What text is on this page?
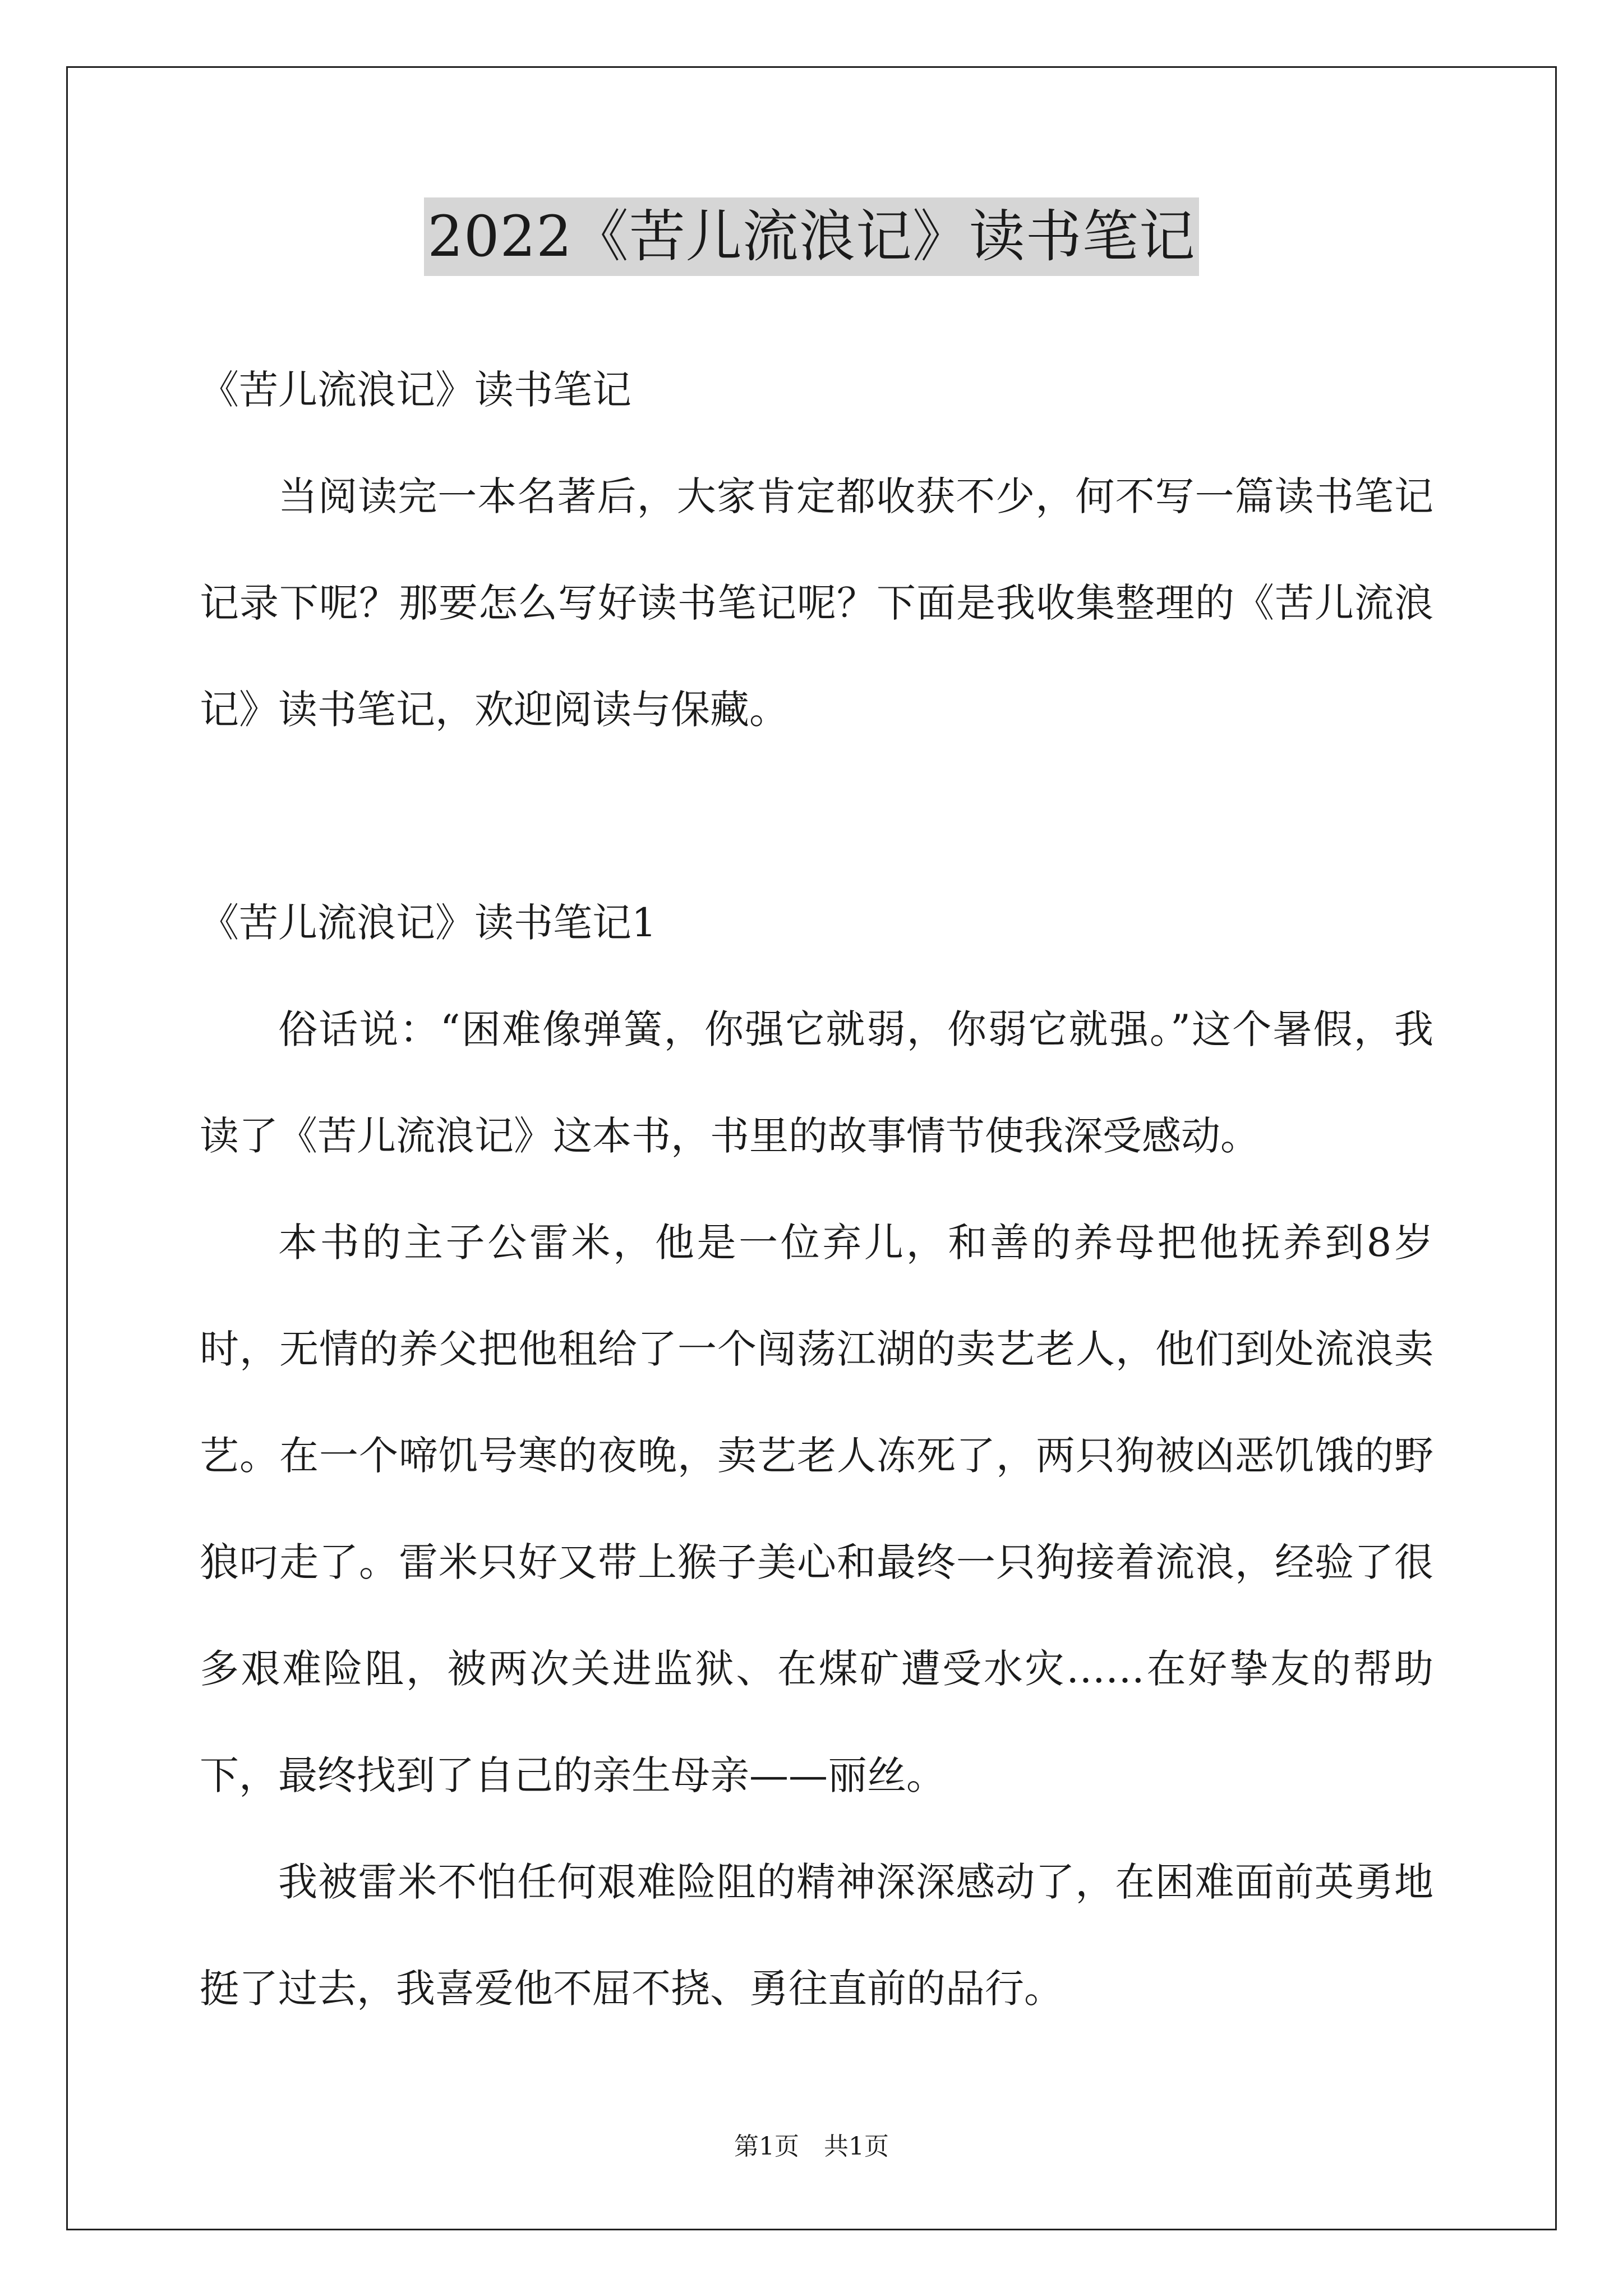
2022《苦儿流浪记》读书笔记

《苦儿流浪记》读书笔记

当阅读完一本名著后，大家肯定都收获不少，何不写一篇读书笔记记录下呢？那要怎么写好读书笔记呢？下面是我收集整理的《苦儿流浪记》读书笔记，欢迎阅读与保藏。

《苦儿流浪记》读书笔记1

俗话说：“困难像弹簧，你强它就弱，你弱它就强。”这个暑假，我读了《苦儿流浪记》这本书，书里的故事情节使我深受感动。

本书的主子公雷米，他是一位弃儿，和善的养母把他抚养到8岁时，无情的养父把他租给了一个闯荡江湖的卖艺老人，他们到处流浪卖艺。在一个啼饥号寒的夜晚，卖艺老人冻死了，两只狗被凶恶饥饿的野狼叼走了。雷米只好又带上猴子美心和最终一只狗接着流浪，经验了很多艰难险阻，被两次关进监狱、在煤矿遭受水灾……在好挚友的帮助下，最终找到了自己的亲生母亲——丽丝。

我被雷米不怕任何艰难险阻的精神深深感动了，在困难面前英勇地挺了过去，我喜爱他不屈不挠、勇往直前的品行。

第1页　共1页
